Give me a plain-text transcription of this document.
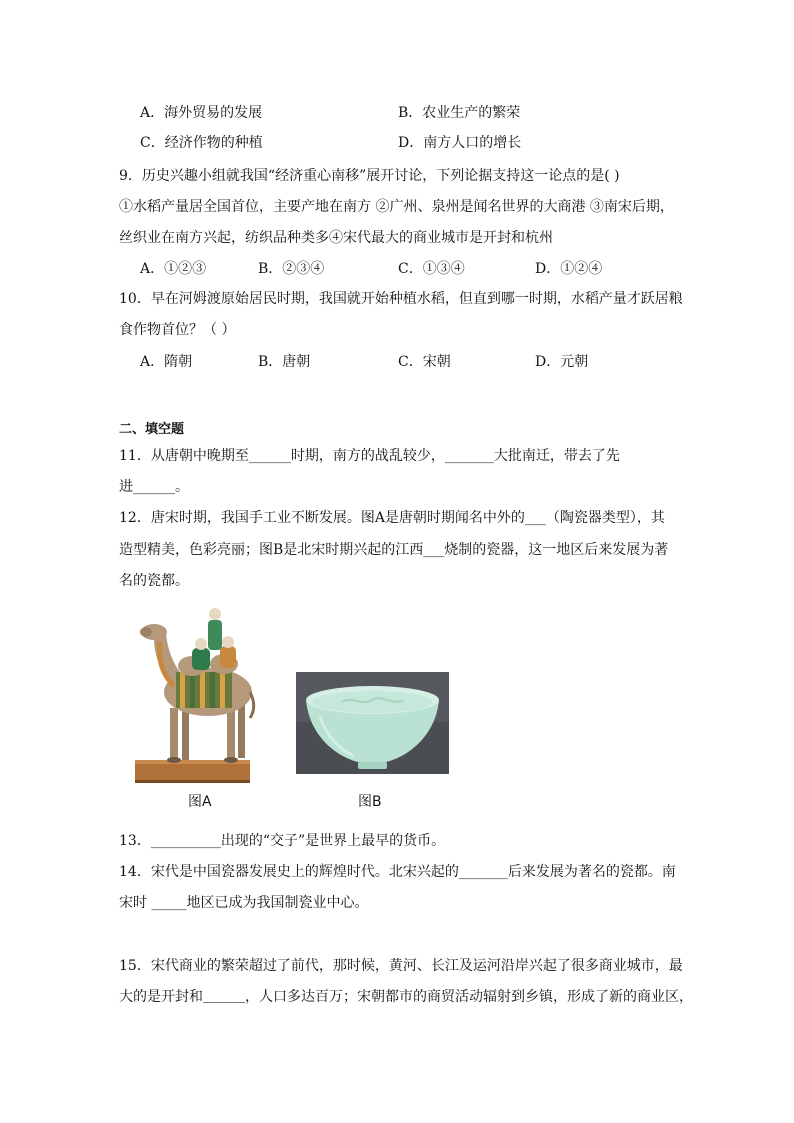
A．海外贸易的发展	B．农业生产的繁荣
C．经济作物的种植	D．南方人口的增长
9．历史兴趣小组就我国“经济重心南移”展开讨论，下列论据支持这一论点的是( )
①水稻产量居全国首位，主要产地在南方 ②广州、泉州是闻名世界的大商港 ③南宋后期，
丝织业在南方兴起，纺织品种类多④宋代最大的商业城市是开封和杭州
A．①②③	B．②③④	C．①③④	D．①②④
10．早在河姆渡原始居民时期，我国就开始种植水稻，但直到哪一时期，水稻产量才跃居粮
食作物首位？（ ）
A．隋朝	B．唐朝	C．宋朝	D．元朝
二、填空题
11．从唐朝中晚期至______时期，南方的战乱较少，_______大批南迁，带去了先
进______。
12．唐宋时期，我国手工业不断发展。图A是唐朝时期闻名中外的___（陶瓷器类型），其
造型精美，色彩亮丽；图B是北宋时期兴起的江西___烧制的瓷器，这一地区后来发展为著
名的瓷都。
图A	图B
13．__________出现的“交子”是世界上最早的货币。
14．宋代是中国瓷器发展史上的辉煌时代。北宋兴起的_______后来发展为著名的瓷都。南
宋时 _____地区已成为我国制瓷业中心。
15．宋代商业的繁荣超过了前代，那时候，黄河、长江及运河沿岸兴起了很多商业城市，最
大的是开封和＿＿＿，人口多达百万；宋朝都市的商贸活动辐射到乡镇，形成了新的商业区，
